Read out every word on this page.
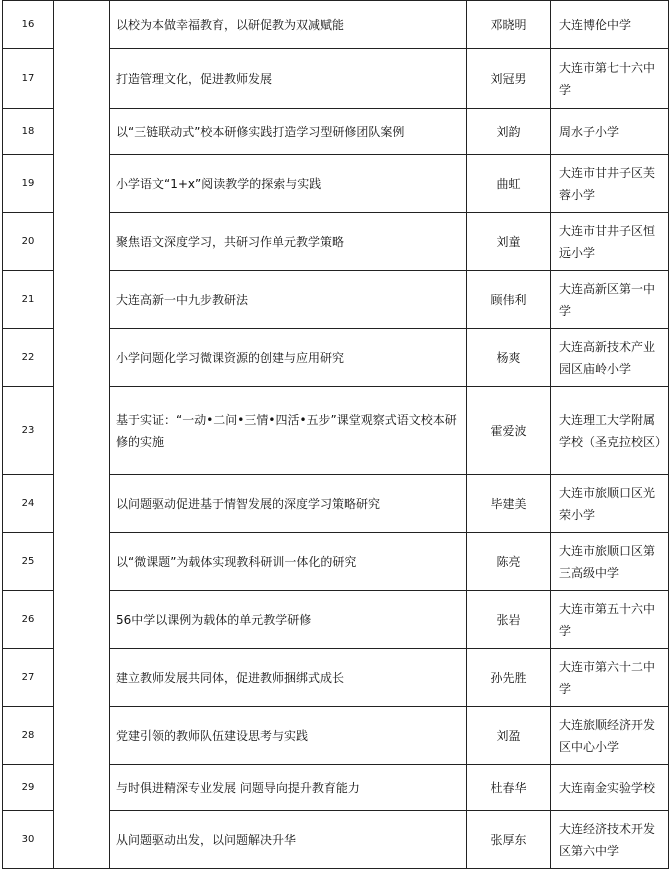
16		以校为本做幸福教育，以研促教为双减赋能	邓晓明	大连博伦中学
17		打造管理文化，促进教师发展	刘冠男	大连市第七十六中学
18		以“三链联动式”校本研修实践打造学习型研修团队案例	刘韵	周水子小学
19		小学语文“1+x”阅读教学的探索与实践	曲虹	大连市甘井子区芙蓉小学
20		聚焦语文深度学习，共研习作单元教学策略	刘童	大连市甘井子区恒远小学
21		大连高新一中九步教研法	顾伟利	大连高新区第一中学
22		小学问题化学习微课资源的创建与应用研究	杨爽	大连高新技术产业园区庙岭小学
23		基于实证：“一动•二问•三情•四活•五步”课堂观察式语文校本研修的实施	霍爱波	大连理工大学附属学校（圣克拉校区）
24		以问题驱动促进基于情智发展的深度学习策略研究	毕建美	大连市旅顺口区光荣小学
25		以“微课题”为载体实现教科研训一体化的研究	陈亮	大连市旅顺口区第三高级中学
26		56中学以课例为载体的单元教学研修	张岩	大连市第五十六中学
27		建立教师发展共同体，促进教师捆绑式成长	孙先胜	大连市第六十二中学
28		党建引领的教师队伍建设思考与实践	刘盈	大连旅顺经济开发区中心小学
29		与时俱进精深专业发展 问题导向提升教育能力	杜春华	大连南金实验学校
30		从问题驱动出发，以问题解决升华	张厚东	大连经济技术开发区第六中学
